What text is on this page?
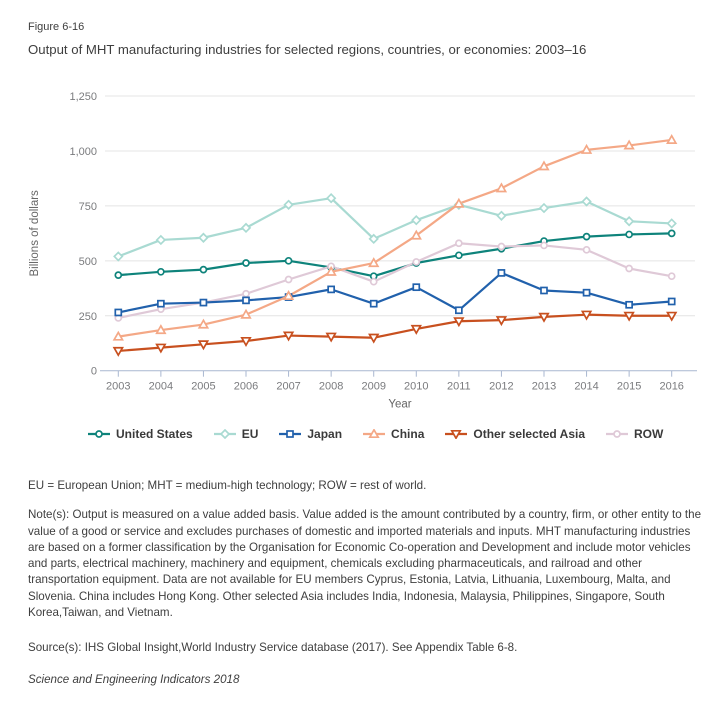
Figure 6-16
Output of MHT manufacturing industries for selected regions, countries, or economies: 2003–16
0
250
500
750
1,000
1,250
2003 2004 2005 2006 2007 2008 2009 2010 2011 2012 2013 2014 2015 2016
Year
Billions of dollars
United States	EU	Japan	China	Other selected Asia	ROW

EU = European Union; MHT = medium-high technology; ROW = rest of world.

Note(s): Output is measured on a value added basis. Value added is the amount contributed by a country, firm, or other entity to the value of a good or service and excludes purchases of domestic and imported materials and inputs. MHT manufacturing industries are based on a former classification by the Organisation for Economic Co-operation and Development and include motor vehicles and parts, electrical machinery, machinery and equipment, chemicals excluding pharmaceuticals, and railroad and other transportation equipment. Data are not available for EU members Cyprus, Estonia, Latvia, Lithuania, Luxembourg, Malta, and Slovenia. China includes Hong Kong. Other selected Asia includes India, Indonesia, Malaysia, Philippines, Singapore, South Korea,Taiwan, and Vietnam.

Source(s): IHS Global Insight,World Industry Service database (2017). See Appendix Table 6-8.

Science and Engineering Indicators 2018
